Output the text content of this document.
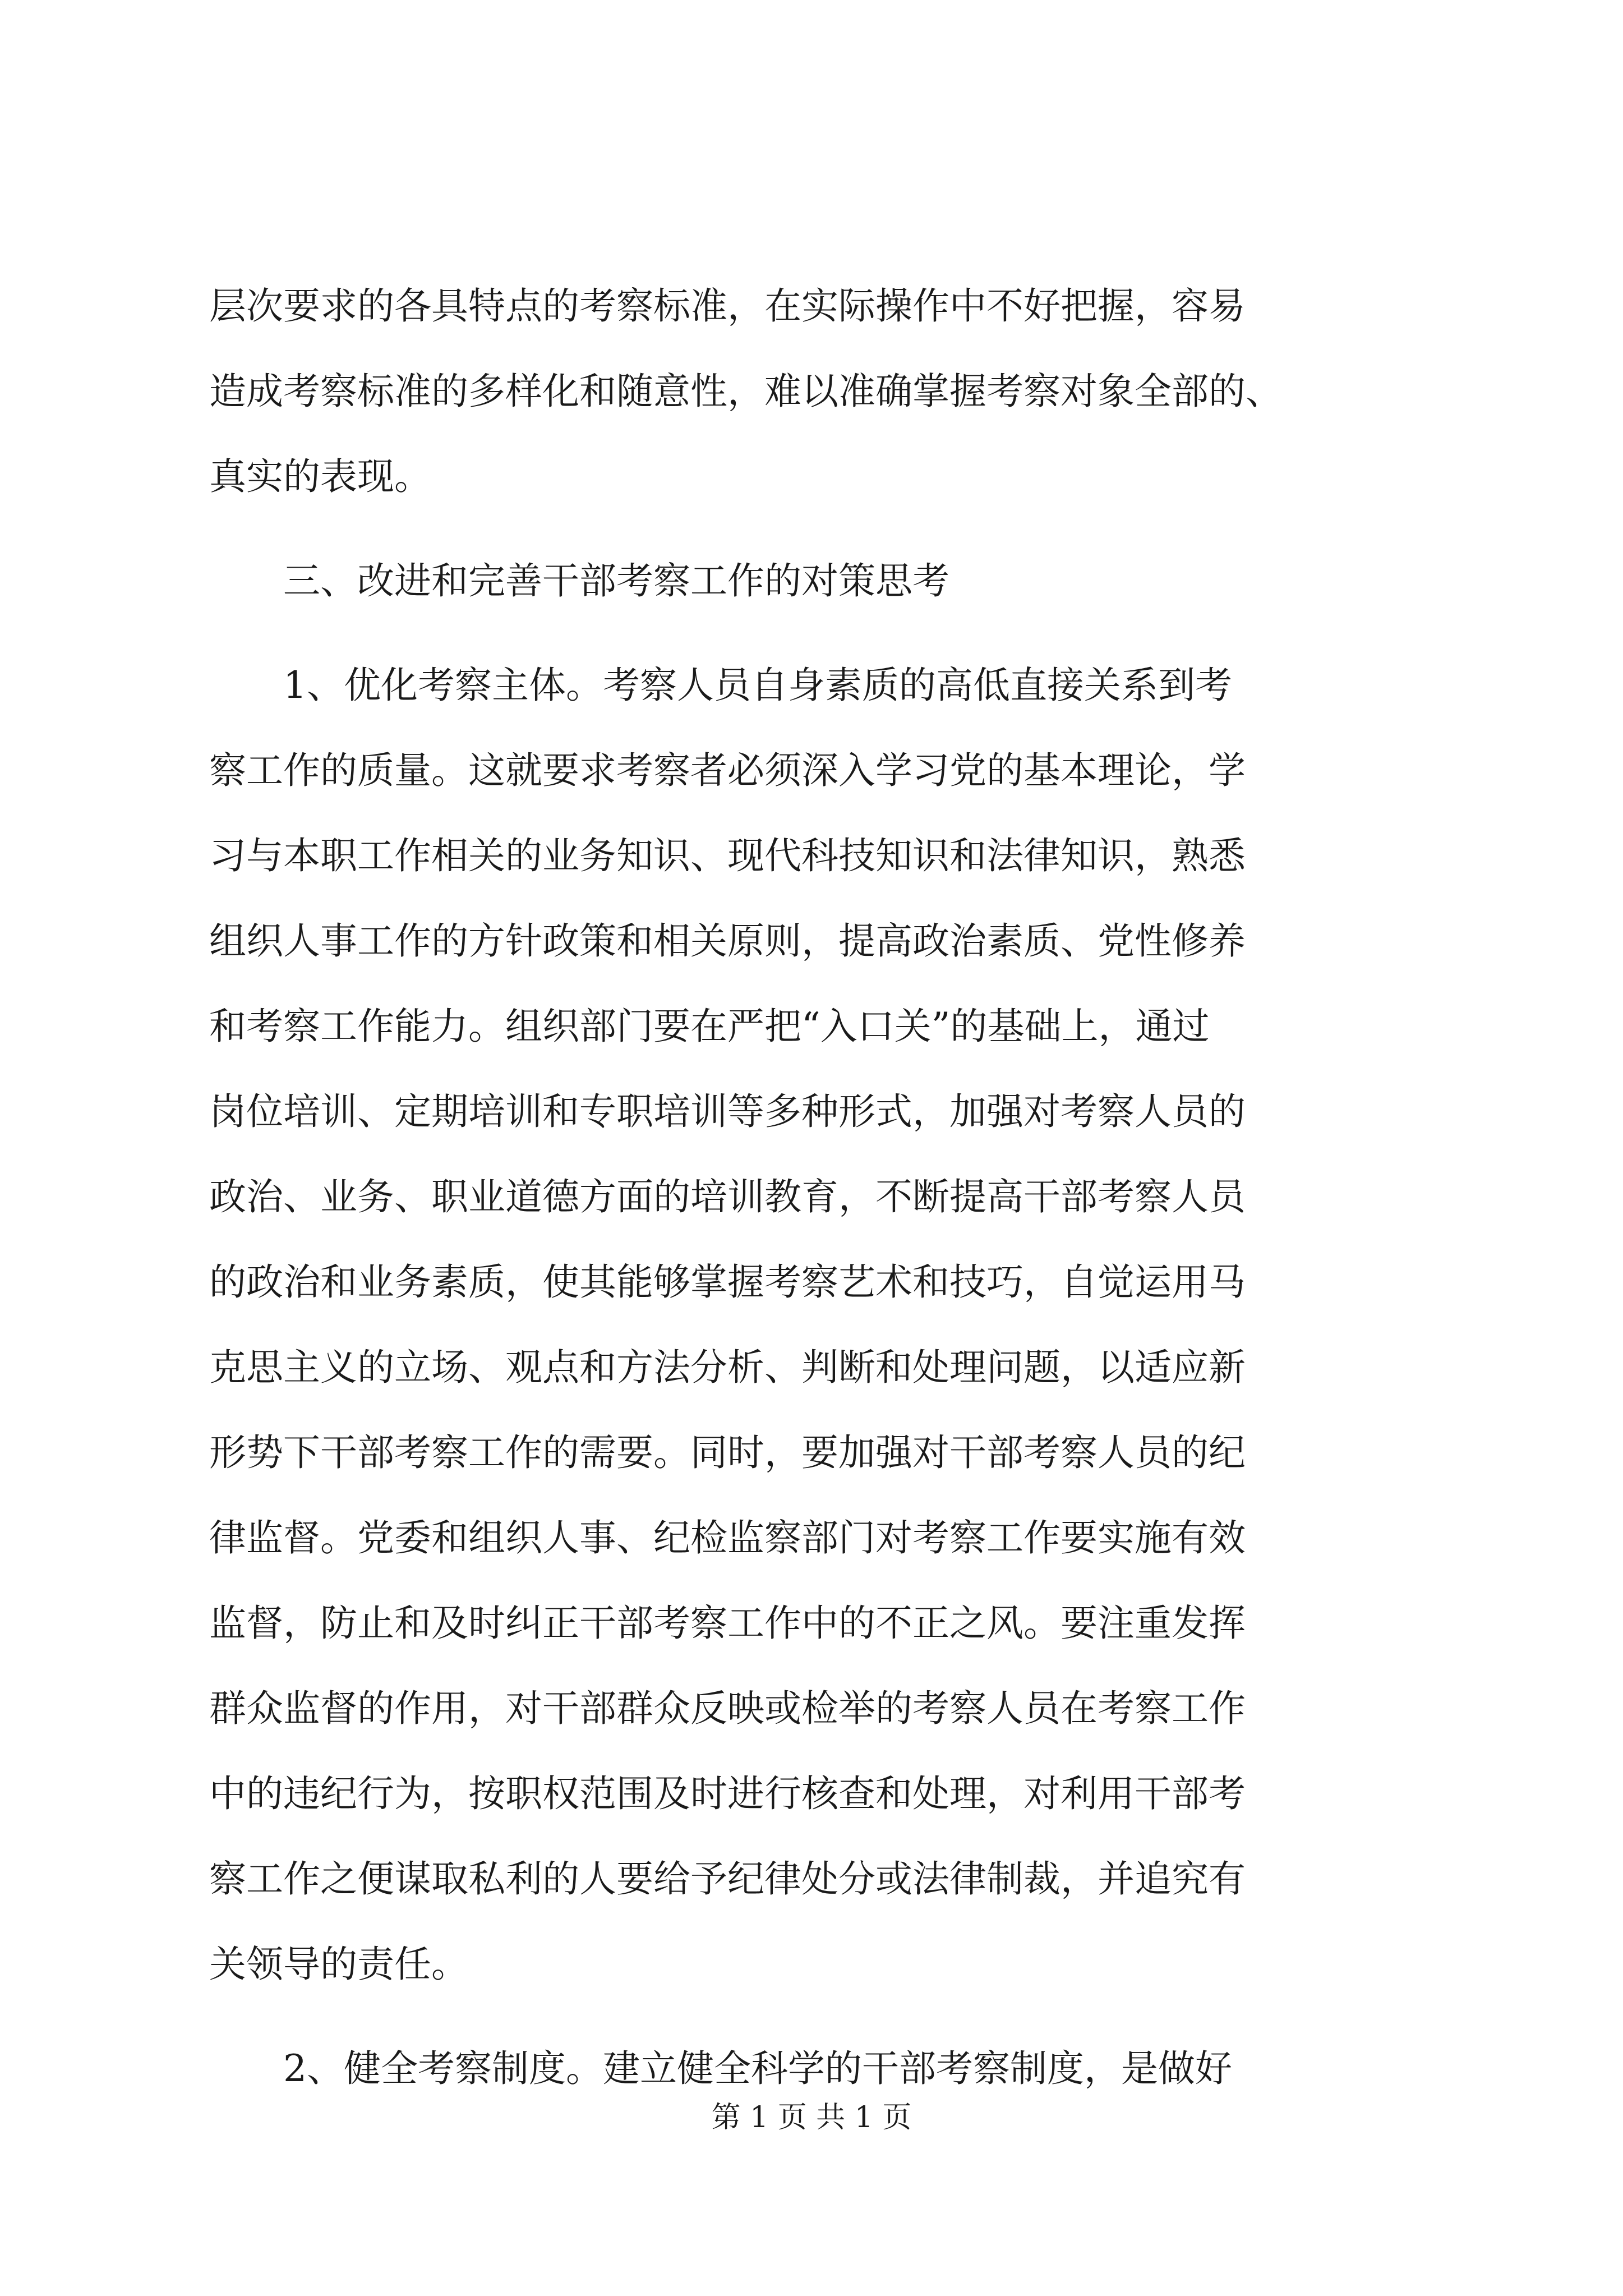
层次要求的各具特点的考察标准，在实际操作中不好把握，容易
造成考察标准的多样化和随意性，难以准确掌握考察对象全部的、
真实的表现。
三、改进和完善干部考察工作的对策思考
1、优化考察主体。考察人员自身素质的高低直接关系到考
察工作的质量。这就要求考察者必须深入学习党的基本理论，学
习与本职工作相关的业务知识、现代科技知识和法律知识，熟悉
组织人事工作的方针政策和相关原则，提高政治素质、党性修养
和考察工作能力。组织部门要在严把“入口关”的基础上，通过
岗位培训、定期培训和专职培训等多种形式，加强对考察人员的
政治、业务、职业道德方面的培训教育，不断提高干部考察人员
的政治和业务素质，使其能够掌握考察艺术和技巧，自觉运用马
克思主义的立场、观点和方法分析、判断和处理问题，以适应新
形势下干部考察工作的需要。同时，要加强对干部考察人员的纪
律监督。党委和组织人事、纪检监察部门对考察工作要实施有效
监督，防止和及时纠正干部考察工作中的不正之风。要注重发挥
群众监督的作用，对干部群众反映或检举的考察人员在考察工作
中的违纪行为，按职权范围及时进行核查和处理，对利用干部考
察工作之便谋取私利的人要给予纪律处分或法律制裁，并追究有
关领导的责任。
2、健全考察制度。建立健全科学的干部考察制度，是做好
第 1 页 共 1 页
